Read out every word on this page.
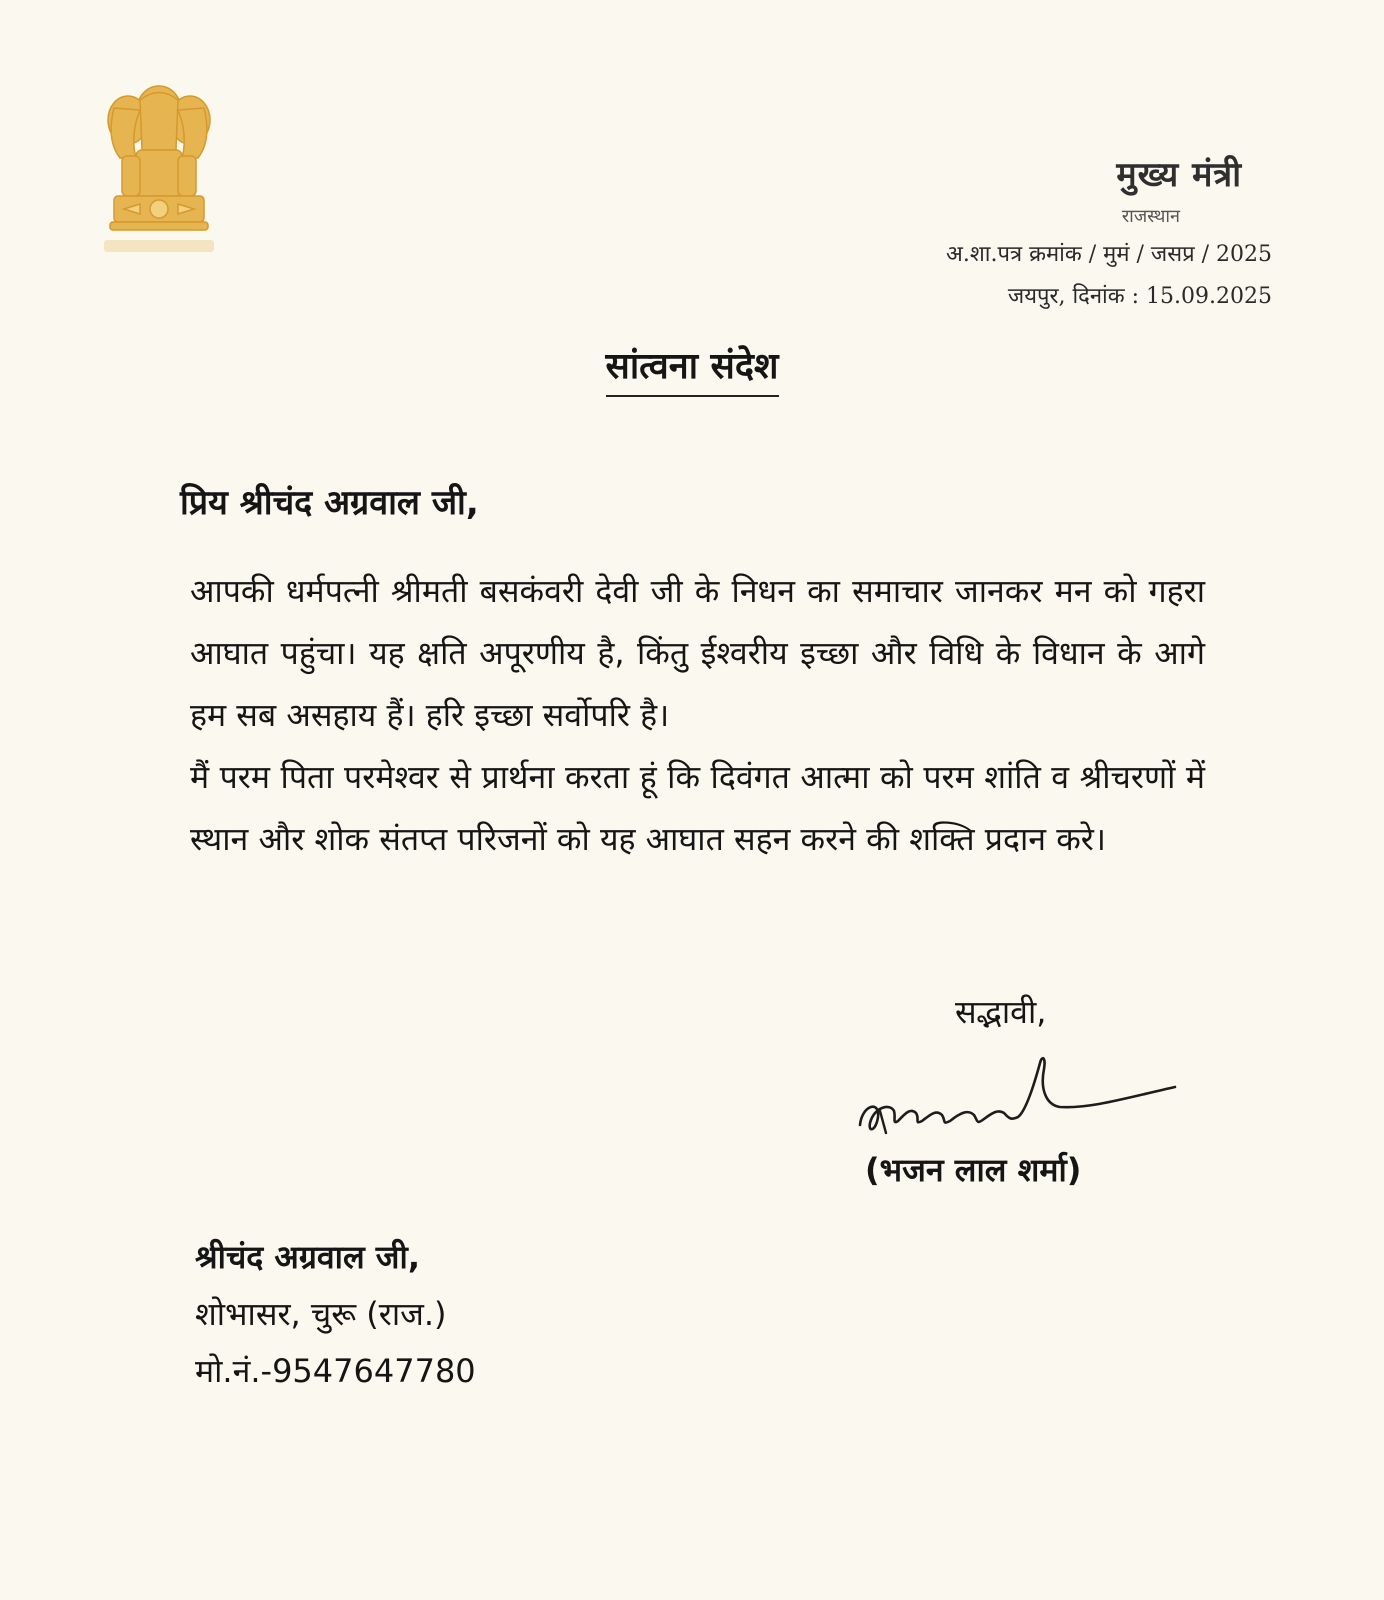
मुख्य मंत्री
राजस्थान
अ.शा.पत्र क्रमांक / मुमं / जसप्र / 2025
जयपुर, दिनांक : 15.09.2025
सांत्वना संदेश
प्रिय श्रीचंद अग्रवाल जी,

आपकी धर्मपत्नी श्रीमती बसकंवरी देवी जी के निधन का समाचार जानकर मन को गहरा आघात पहुंचा। यह क्षति अपूरणीय है, किंतु ईश्वरीय इच्छा और विधि के विधान के आगे हम सब असहाय हैं। हरि इच्छा सर्वोपरि है।

मैं परम पिता परमेश्वर से प्रार्थना करता हूं कि दिवंगत आत्मा को परम शांति व श्रीचरणों में स्थान और शोक संतप्त परिजनों को यह आघात सहन करने की शक्ति प्रदान करे।

सद्भावी,
(भजन लाल शर्मा)
श्रीचंद अग्रवाल जी,
शोभासर, चुरू (राज.)
मो.नं.-9547647780
